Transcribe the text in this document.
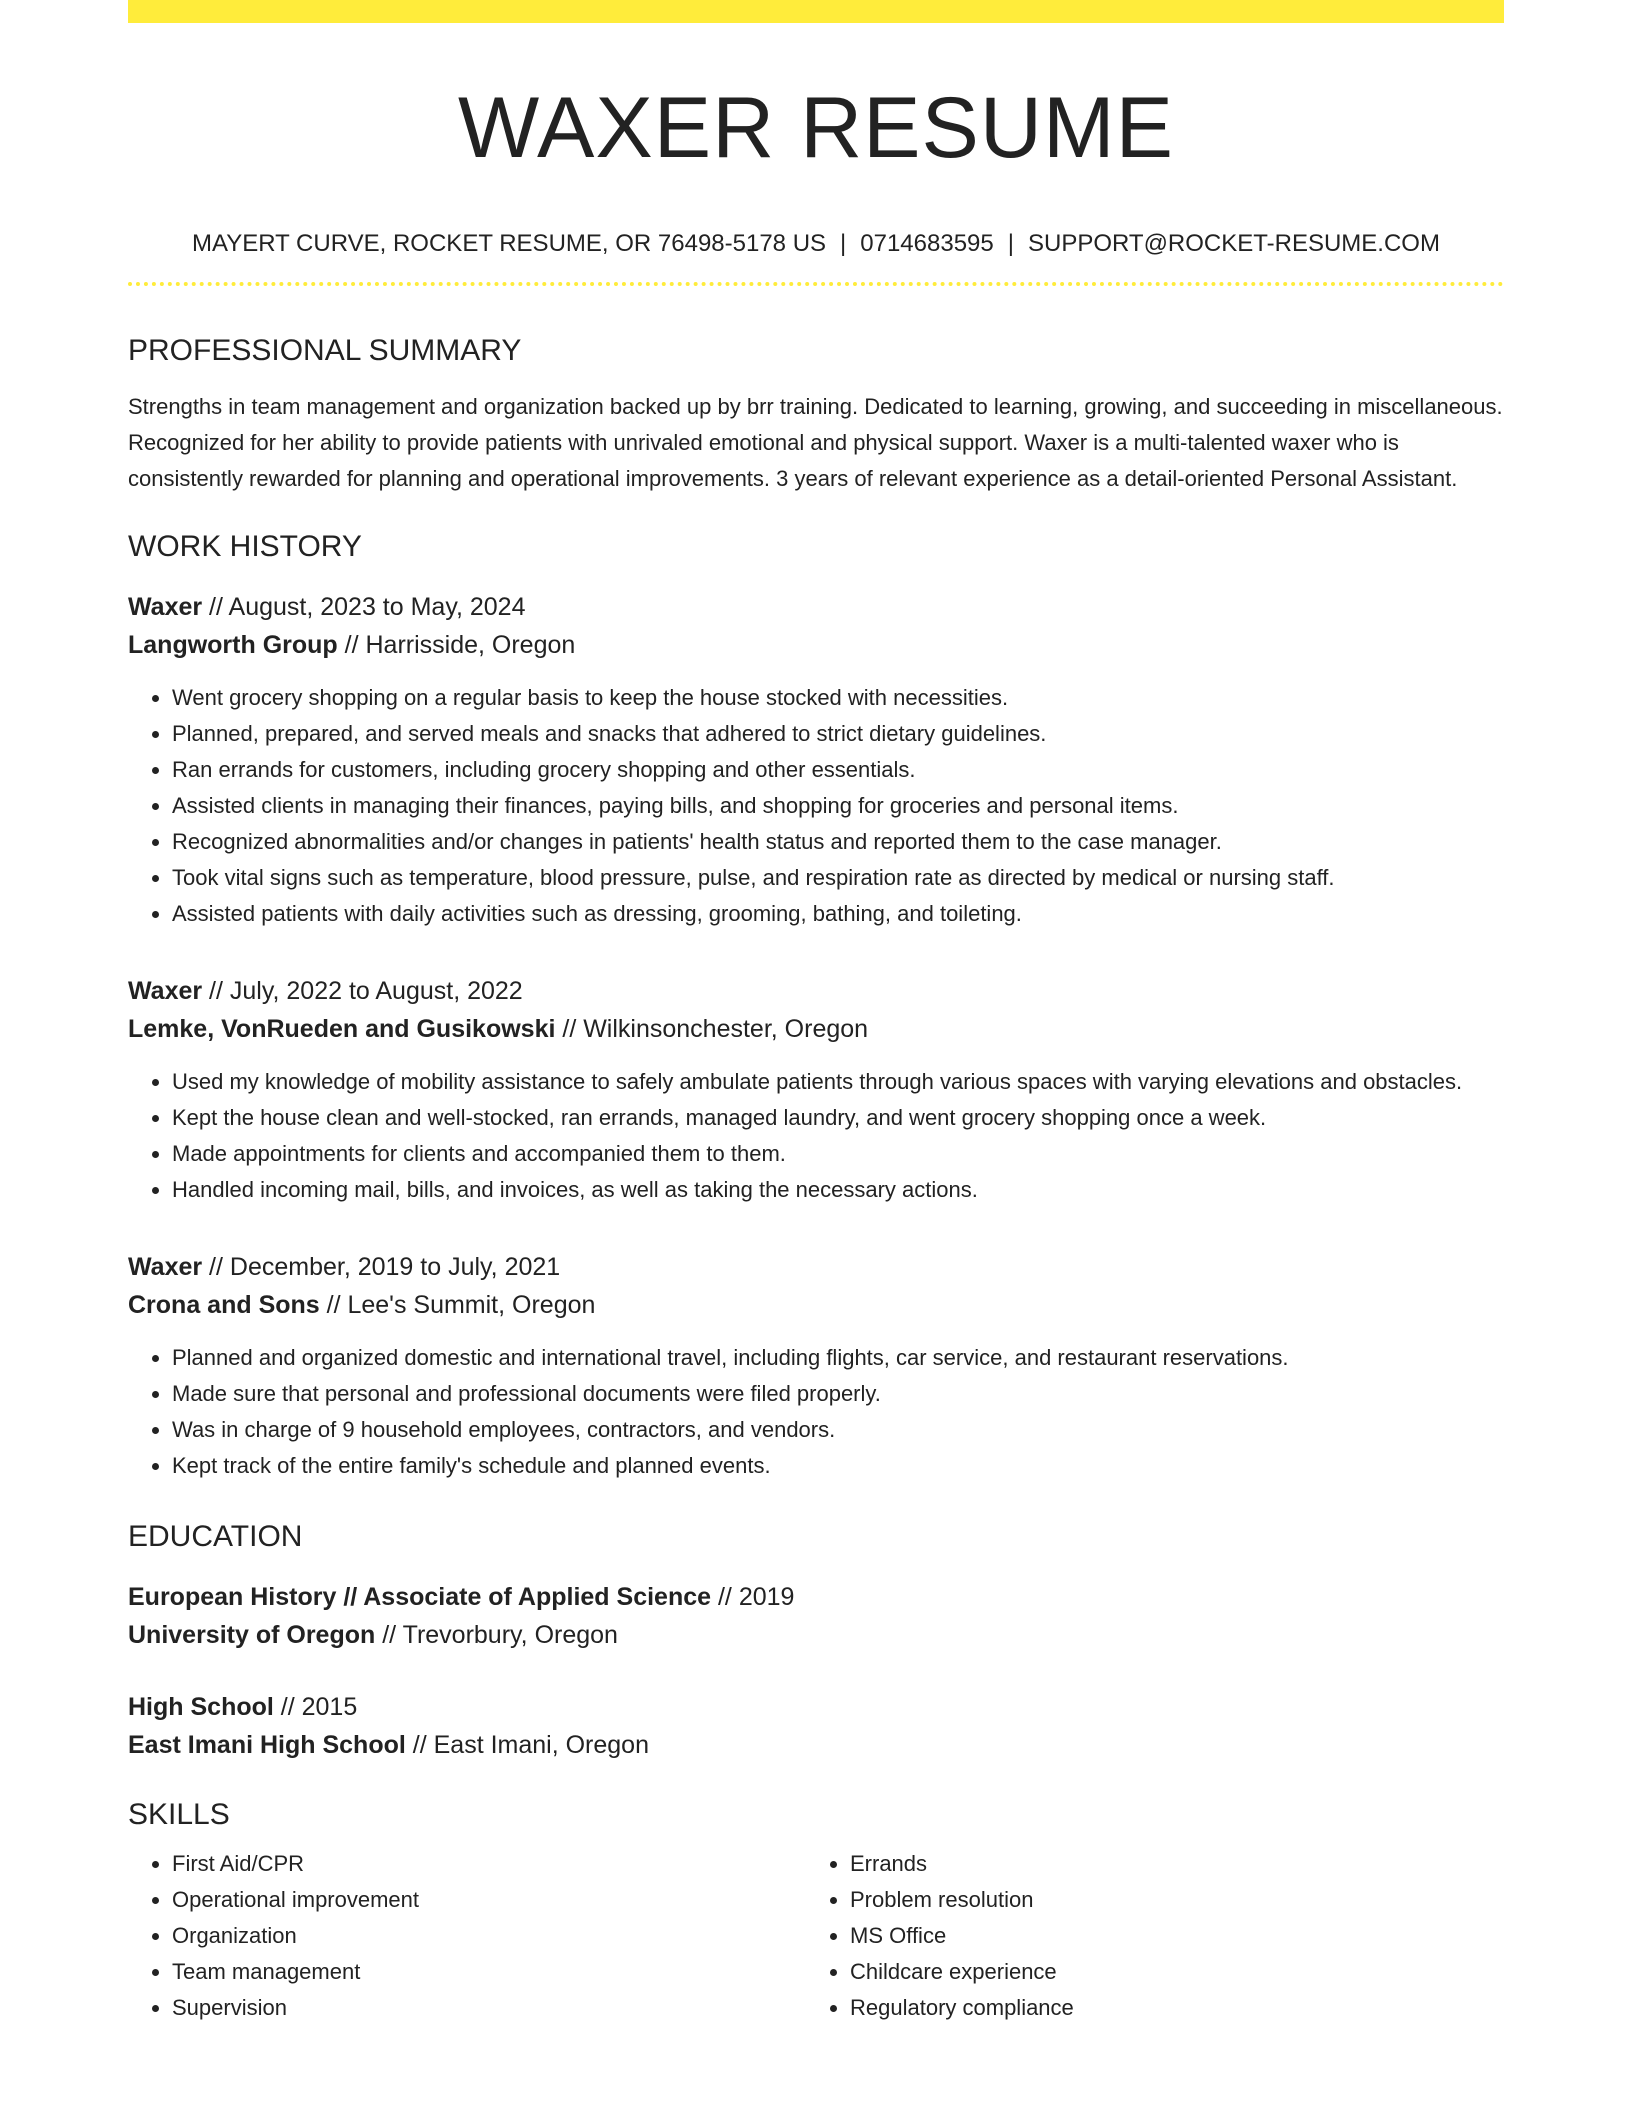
WAXER RESUME
MAYERT CURVE, ROCKET RESUME, OR 76498-5178 US | 0714683595 | SUPPORT@ROCKET-RESUME.COM
PROFESSIONAL SUMMARY
Strengths in team management and organization backed up by brr training. Dedicated to learning, growing, and succeeding in miscellaneous. Recognized for her ability to provide patients with unrivaled emotional and physical support. Waxer is a multi-talented waxer who is consistently rewarded for planning and operational improvements. 3 years of relevant experience as a detail-oriented Personal Assistant.
WORK HISTORY
Waxer // August, 2023 to May, 2024
Langworth Group // Harrisside, Oregon
• Went grocery shopping on a regular basis to keep the house stocked with necessities.
• Planned, prepared, and served meals and snacks that adhered to strict dietary guidelines.
• Ran errands for customers, including grocery shopping and other essentials.
• Assisted clients in managing their finances, paying bills, and shopping for groceries and personal items.
• Recognized abnormalities and/or changes in patients' health status and reported them to the case manager.
• Took vital signs such as temperature, blood pressure, pulse, and respiration rate as directed by medical or nursing staff.
• Assisted patients with daily activities such as dressing, grooming, bathing, and toileting.
Waxer // July, 2022 to August, 2022
Lemke, VonRueden and Gusikowski // Wilkinsonchester, Oregon
• Used my knowledge of mobility assistance to safely ambulate patients through various spaces with varying elevations and obstacles.
• Kept the house clean and well-stocked, ran errands, managed laundry, and went grocery shopping once a week.
• Made appointments for clients and accompanied them to them.
• Handled incoming mail, bills, and invoices, as well as taking the necessary actions.
Waxer // December, 2019 to July, 2021
Crona and Sons // Lee's Summit, Oregon
• Planned and organized domestic and international travel, including flights, car service, and restaurant reservations.
• Made sure that personal and professional documents were filed properly.
• Was in charge of 9 household employees, contractors, and vendors.
• Kept track of the entire family's schedule and planned events.
EDUCATION
European History // Associate of Applied Science // 2019
University of Oregon // Trevorbury, Oregon
High School // 2015
East Imani High School // East Imani, Oregon
SKILLS
• First Aid/CPR
• Operational improvement
• Organization
• Team management
• Supervision
• Errands
• Problem resolution
• MS Office
• Childcare experience
• Regulatory compliance
